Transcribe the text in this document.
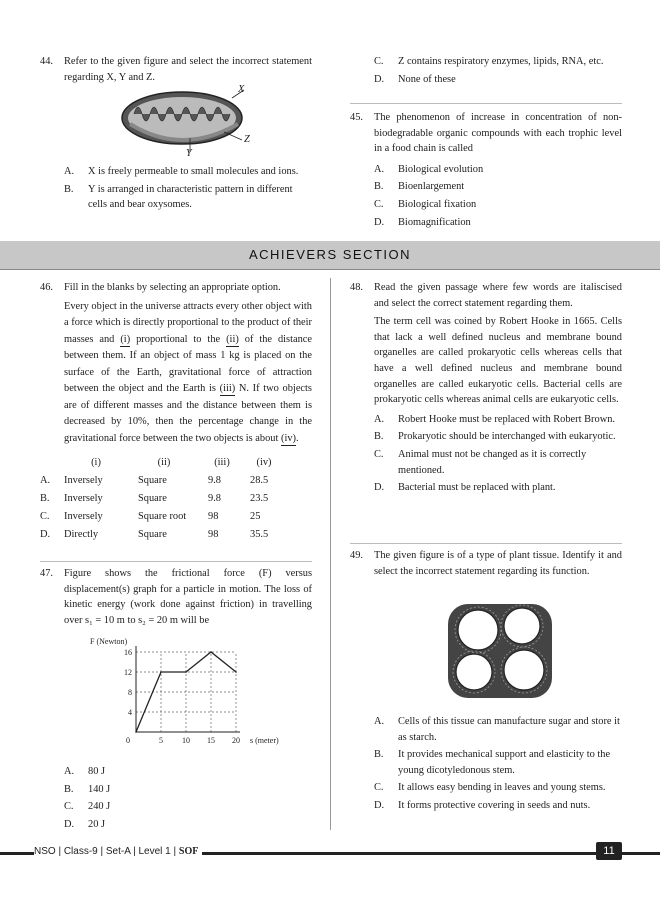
44. Refer to the given figure and select the incorrect statement regarding X, Y and Z.
X
Z
Y
A. X is freely permeable to small molecules and ions.
B. Y is arranged in characteristic pattern in different cells and bear oxysomes.
C. Z contains respiratory enzymes, lipids, RNA, etc.
D. None of these
45. The phenomenon of increase in concentration of non-biodegradable organic compounds with each trophic level in a food chain is called
A. Biological evolution
B. Bioenlargement
C. Biological fixation
D. Biomagnification
ACHIEVERS SECTION
46. Fill in the blanks by selecting an appropriate option.
Every object in the universe attracts every other object with a force which is directly proportional to the product of their masses and (i) proportional to the (ii) of the distance between them. If an object of mass 1 kg is placed on the surface of the Earth, gravitational force of attraction between the object and the Earth is (iii) N. If two objects are of different masses and the distance between them is decreased by 10%, then the percentage change in the gravitational force between the two objects is about (iv).
	(i)	(ii)	(iii)	(iv)
A.	Inversely	Square	9.8	28.5
B.	Inversely	Square	9.8	23.5
C.	Inversely	Square root	98	25
D.	Directly	Square	98	35.5
47. Figure shows the frictional force (F) versus displacement(s) graph for a particle in motion. The loss of kinetic energy (work done against friction) in travelling over s₁ = 10 m to s₂ = 20 m will be
4
8
12
16
0	5 10 15 20
F (Newton)
s (meter)
A. 80 J
B. 140 J
C. 240 J
D. 20 J
48. Read the given passage where few words are italiscised and select the correct statement regarding them.
The term cell was coined by Robert Hooke in 1665. Cells that lack a well defined nucleus and membrane bound organelles are called prokaryotic cells whereas cells that have a well defined nucleus and membrane bound organelles are called eukaryotic cells. Bacterial cells are prokaryotic cells whereas animal cells are eukaryotic cells.
A. Robert Hooke must be replaced with Robert Brown.
B. Prokaryotic should be interchanged with eukaryotic.
C. Animal must not be changed as it is correctly mentioned.
D. Bacterial must be replaced with plant.
49. The given figure is of a type of plant tissue. Identify it and select the incorrect statement regarding its function.
A. Cells of this tissue can manufacture sugar and store it as starch.
B. It provides mechanical support and elasticity to the young dicotyledonous stem.
C. It allows easy bending in leaves and young stems.
D. It forms protective covering in seeds and nuts.
NSO | Class-9 | Set-A | Level 1 | SOF	11
